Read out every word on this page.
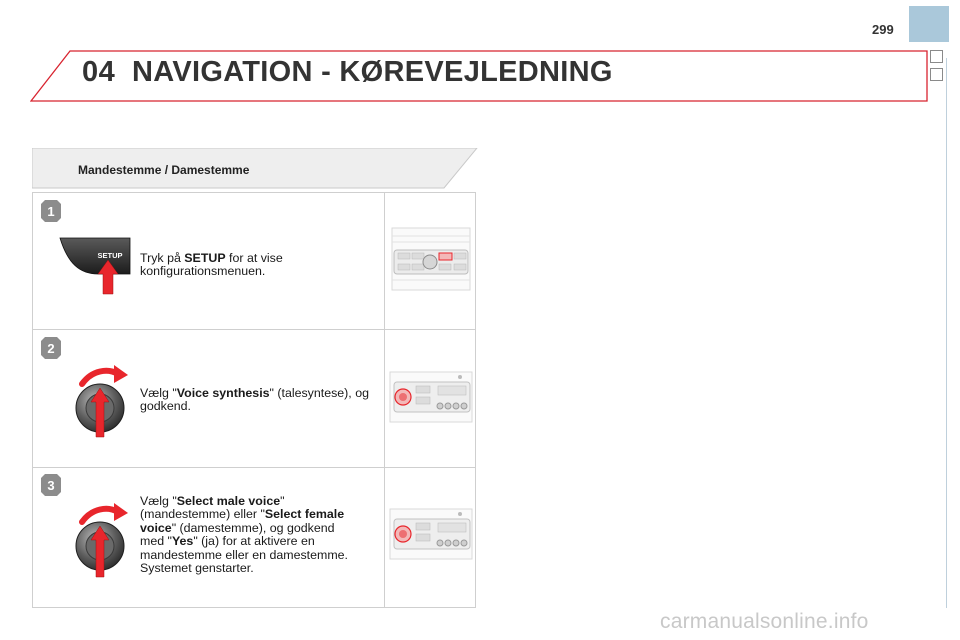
299
04 NAVIGATION - KØREVEJLEDNING
Mandestemme / Damestemme
1
2
3
SETUP Tryk på SETUP for at vise konfigurationsmenuen.
Vælg "Voice synthesis" (talesyntese), og godkend.
Vælg "Select male voice" (mandestemme) eller "Select female voice" (damestemme), og godkend med "Yes" (ja) for at aktivere en mandestemme eller en damestemme. Systemet genstarter.
carmanualsonline.info
